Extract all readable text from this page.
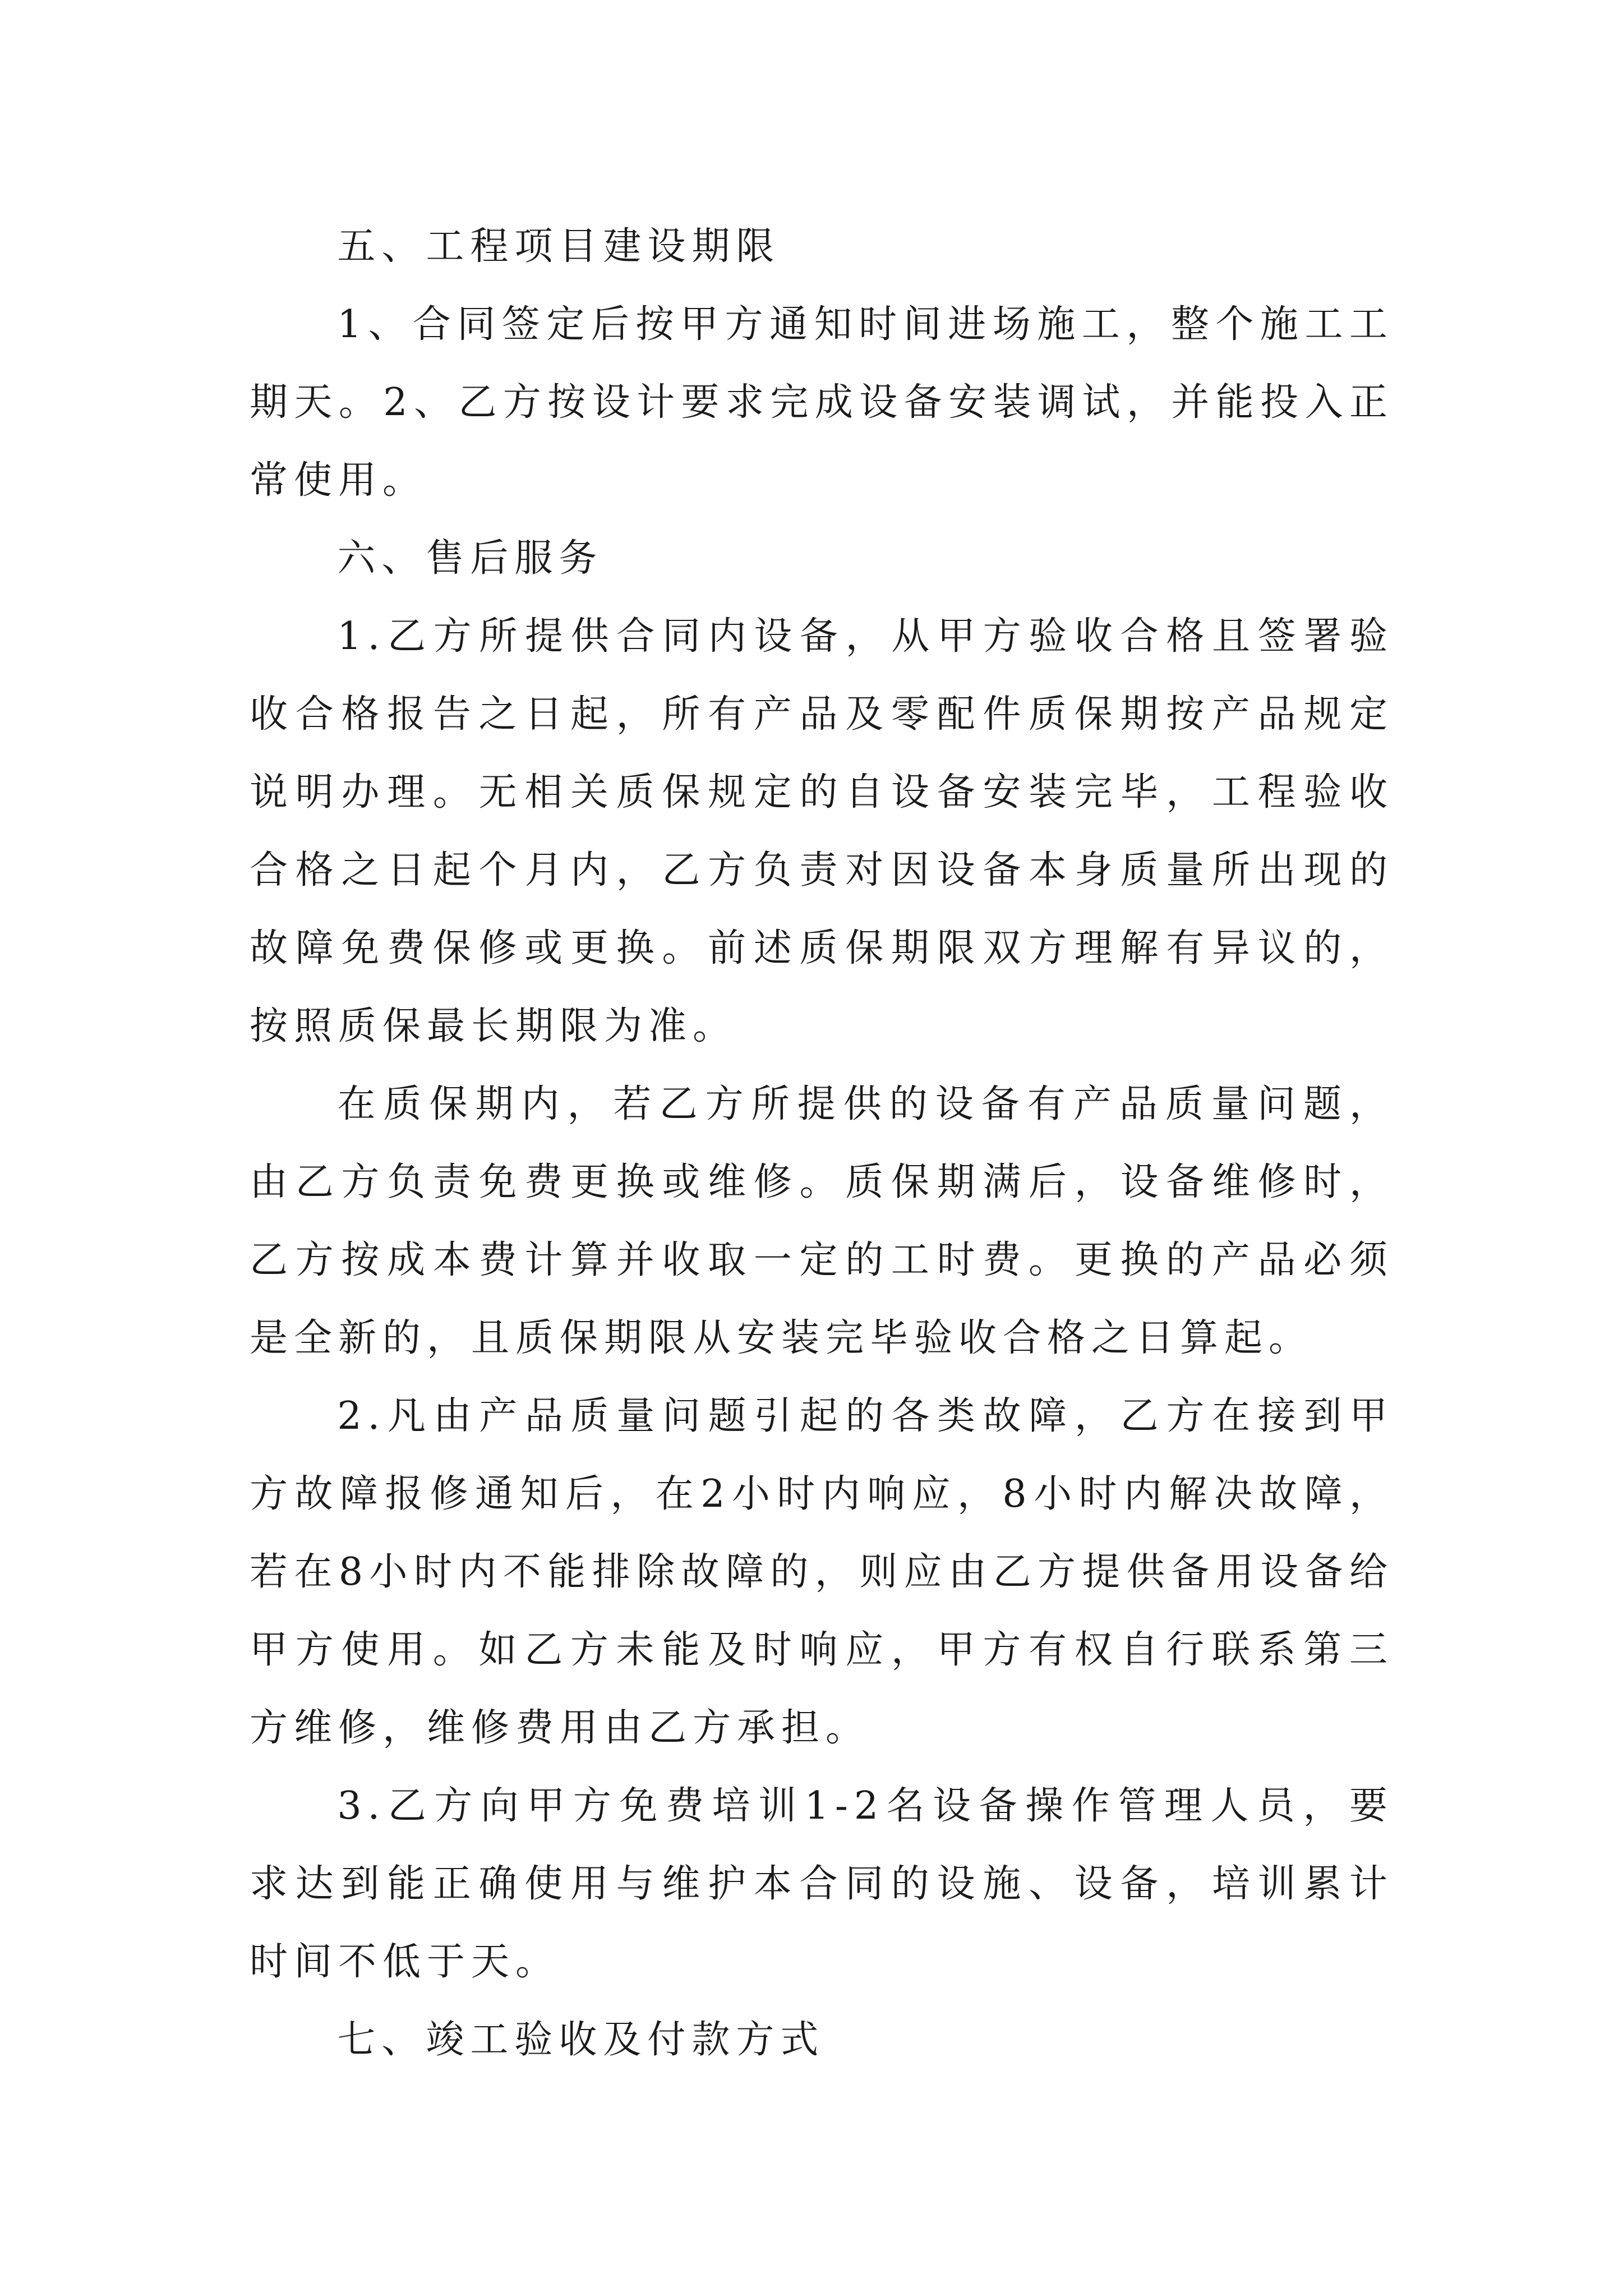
五、工程项目建设期限

1、合同签定后按甲方通知时间进场施工，整个施工工期天。2、乙方按设计要求完成设备安装调试，并能投入正常使用。

六、售后服务

1.乙方所提供合同内设备，从甲方验收合格且签署验收合格报告之日起，所有产品及零配件质保期按产品规定说明办理。无相关质保规定的自设备安装完毕，工程验收合格之日起个月内，乙方负责对因设备本身质量所出现的故障免费保修或更换。前述质保期限双方理解有异议的，按照质保最长期限为准。

在质保期内，若乙方所提供的设备有产品质量问题，由乙方负责免费更换或维修。质保期满后，设备维修时，乙方按成本费计算并收取一定的工时费。更换的产品必须是全新的，且质保期限从安装完毕验收合格之日算起。

2.凡由产品质量问题引起的各类故障，乙方在接到甲方故障报修通知后，在2小时内响应，8小时内解决故障，若在8小时内不能排除故障的，则应由乙方提供备用设备给甲方使用。如乙方未能及时响应，甲方有权自行联系第三方维修，维修费用由乙方承担。

3.乙方向甲方免费培训1-2名设备操作管理人员，要求达到能正确使用与维护本合同的设施、设备，培训累计时间不低于天。

七、竣工验收及付款方式
